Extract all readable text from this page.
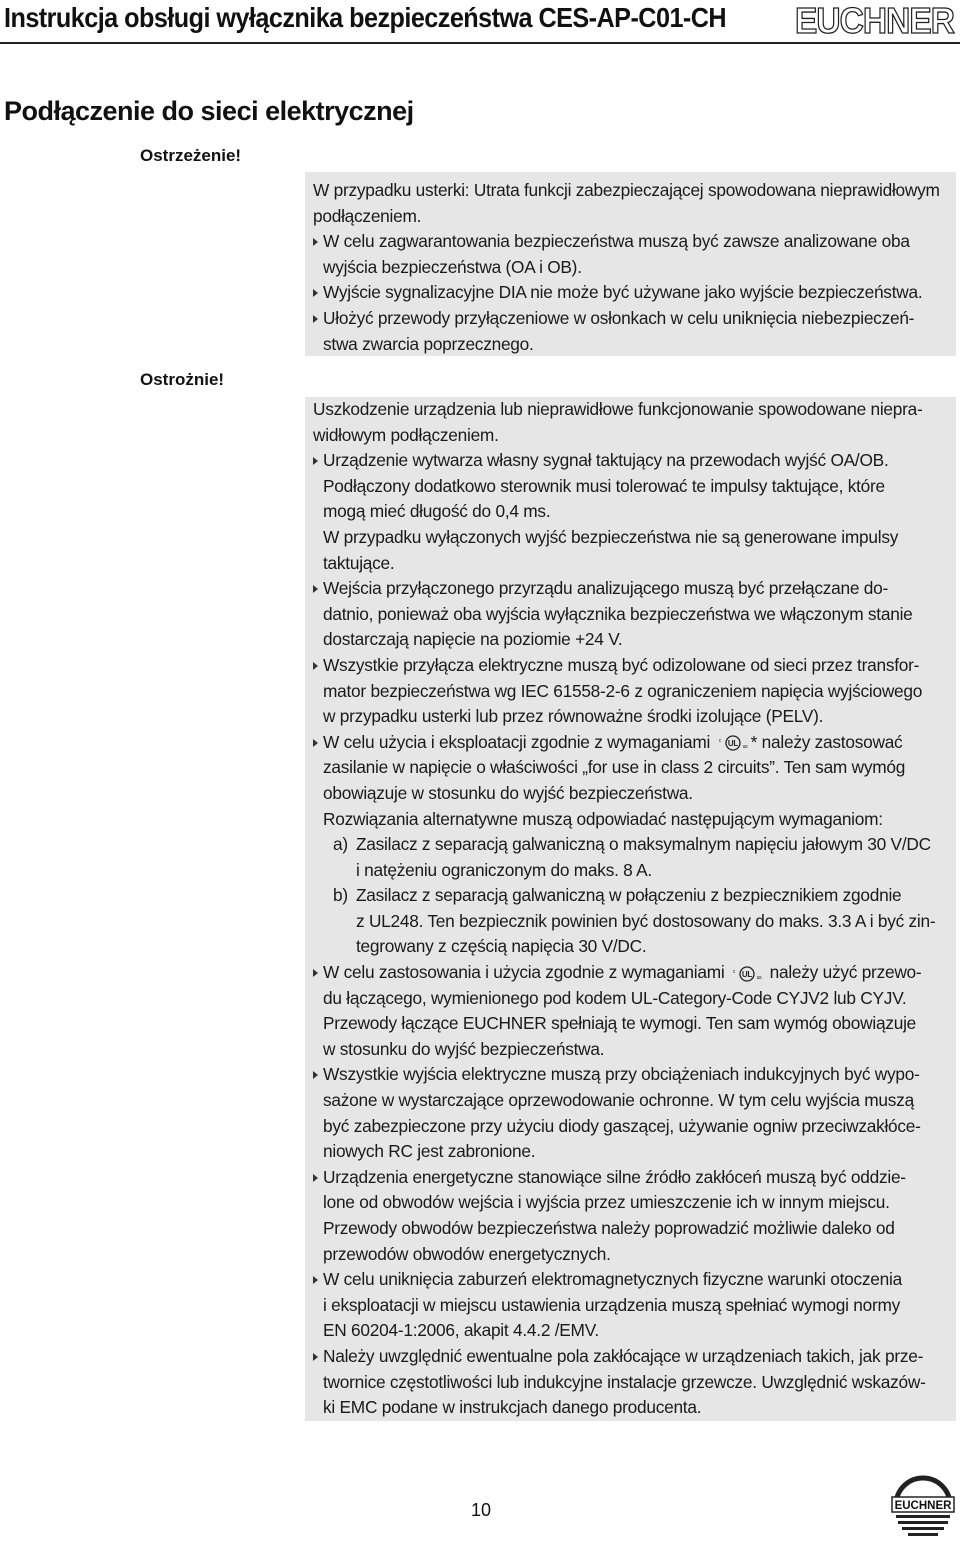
Instrukcja obsługi wyłącznika bezpieczeństwa CES-AP-C01-CH EUCHNER
Podłączenie do sieci elektrycznej
Ostrzeżenie!
Ostrożnie!

W przypadku usterki: Utrata funkcji zabezpieczającej spowodowana nieprawidłowym
podłączeniem.

W celu zagwarantowania bezpieczeństwa muszą być zawsze analizowane oba
wyjścia bezpieczeństwa (OA i OB).
Wyjście sygnalizacyjne DIA nie może być używane jako wyjście bezpieczeństwa.
Ułożyć przewody przyłączeniowe w osłonkach w celu uniknięcia niebezpieczeń-
stwa zwarcia poprzecznego.

Uszkodzenie urządzenia lub nieprawidłowe funkcjonowanie spowodowane niepra-
widłowym podłączeniem.

Urządzenie wytwarza własny sygnał taktujący na przewodach wyjść OA/OB.
Podłączony dodatkowo sterownik musi tolerować te impulsy taktujące, które
mogą mieć długość do 0,4 ms.
W przypadku wyłączonych wyjść bezpieczeństwa nie są generowane impulsy
taktujące.
Wejścia przyłączonego przyrządu analizującego muszą być przełączane do-
datnio, ponieważ oba wyjścia wyłącznika bezpieczeństwa we włączonym stanie
dostarczają napięcie na poziomie +24 V.
Wszystkie przyłącza elektryczne muszą być odizolowane od sieci przez transfor-
mator bezpieczeństwa wg IEC 61558-2-6 z ograniczeniem napięcia wyjściowego
w przypadku usterki lub przez równoważne środki izolujące (PELV).
W celu użycia i eksploatacji zgodnie z wymaganiami UL
c
us * należy zastosować
zasilanie w napięcie o właściwości „for use in class 2 circuits”. Ten sam wymóg
obowiązuje w stosunku do wyjść bezpieczeństwa.
Rozwiązania alternatywne muszą odpowiadać następującym wymaganiom:
a) Zasilacz z separacją galwaniczną o maksymalnym napięciu jałowym 30 V/DC
i natężeniu ograniczonym do maks. 8 A.
b) Zasilacz z separacją galwaniczną w połączeniu z bezpiecznikiem zgodnie
z UL248. Ten bezpiecznik powinien być dostosowany do maks. 3.3 A i być zin-
tegrowany z częścią napięcia 30 V/DC.
W celu zastosowania i użycia zgodnie z wymaganiami UL
c
us należy użyć przewo-
du łączącego, wymienionego pod kodem UL-Category-Code CYJV2 lub CYJV.
Przewody łączące EUCHNER spełniają te wymogi. Ten sam wymóg obowiązuje
w stosunku do wyjść bezpieczeństwa.
Wszystkie wyjścia elektryczne muszą przy obciążeniach indukcyjnych być wypo-
sażone w wystarczające oprzewodowanie ochronne. W tym celu wyjścia muszą
być zabezpieczone przy użyciu diody gaszącej, używanie ogniw przeciwzakłóce-
niowych RC jest zabronione.
Urządzenia energetyczne stanowiące silne źródło zakłóceń muszą być oddzie-
lone od obwodów wejścia i wyjścia przez umieszczenie ich w innym miejscu.
Przewody obwodów bezpieczeństwa należy poprowadzić możliwie daleko od
przewodów obwodów energetycznych.
W celu uniknięcia zaburzeń elektromagnetycznych fizyczne warunki otoczenia
i eksploatacji w miejscu ustawienia urządzenia muszą spełniać wymogi normy
EN 60204-1:2006, akapit 4.4.2 /EMV.
Należy uwzględnić ewentualne pola zakłócające w urządzeniach takich, jak prze-
twornice częstotliwości lub indukcyjne instalacje grzewcze. Uwzględnić wskazów-
ki EMC podane w instrukcjach danego producenta.
10	EUCHNER
